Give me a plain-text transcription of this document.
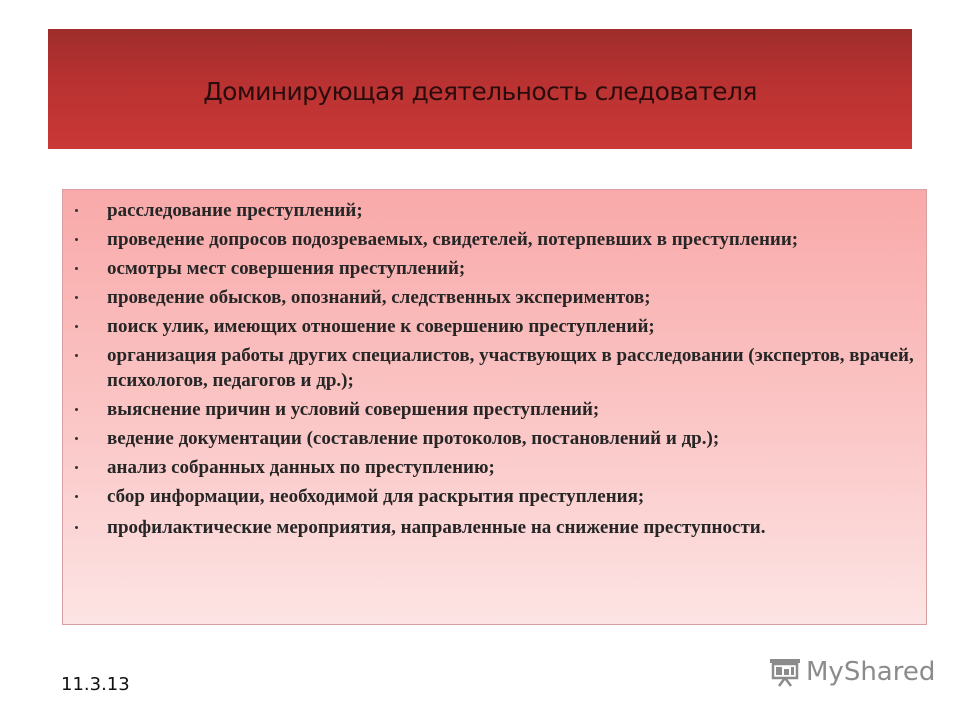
Доминирующая деятельность следователя
расследование преступлений;
проведение допросов подозреваемых, свидетелей, потерпевших в преступлении;
осмотры мест совершения преступлений;
проведение обысков, опознаний, следственных экспериментов;
поиск улик, имеющих отношение к совершению преступлений;
организация работы других специалистов, участвующих в расследовании (экспертов, врачей, психологов, педагогов и др.);
выяснение причин и условий совершения преступлений;
ведение документации (составление протоколов, постановлений и др.);
анализ собранных данных по преступлению;
сбор информации, необходимой для раскрытия преступления;
профилактические мероприятия, направленные на снижение преступности.
11.3.13	MyShared
